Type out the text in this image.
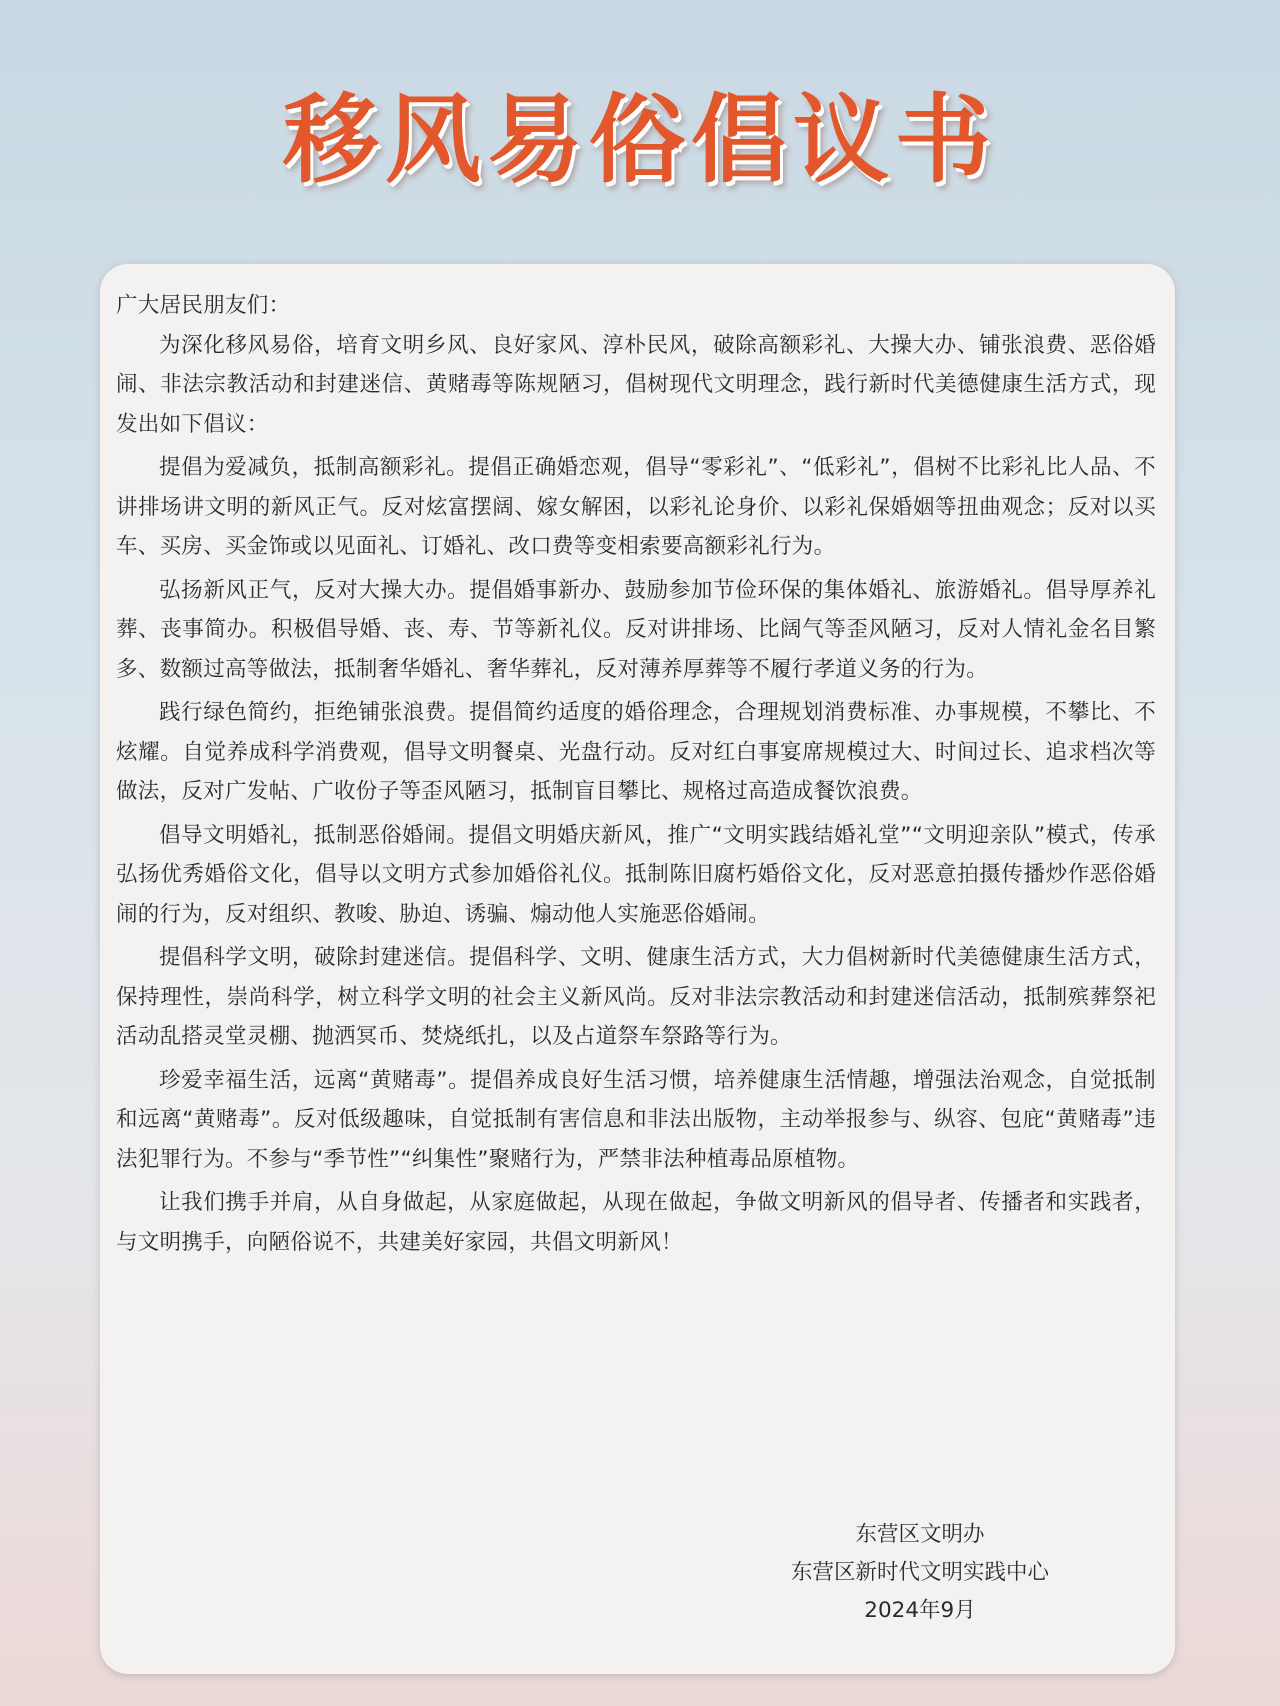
移风易俗倡议书

广大居民朋友们：

为深化移风易俗，培育文明乡风、良好家风、淳朴民风，破除高额彩礼、大操大办、铺张浪费、恶俗婚闹、非法宗教活动和封建迷信、黄赌毒等陈规陋习，倡树现代文明理念，践行新时代美德健康生活方式，现发出如下倡议：

提倡为爱减负，抵制高额彩礼。提倡正确婚恋观，倡导“零彩礼”、“低彩礼”，倡树不比彩礼比人品、不讲排场讲文明的新风正气。反对炫富摆阔、嫁女解困，以彩礼论身价、以彩礼保婚姻等扭曲观念；反对以买车、买房、买金饰或以见面礼、订婚礼、改口费等变相索要高额彩礼行为。

弘扬新风正气，反对大操大办。提倡婚事新办、鼓励参加节俭环保的集体婚礼、旅游婚礼。倡导厚养礼葬、丧事简办。积极倡导婚、丧、寿、节等新礼仪。反对讲排场、比阔气等歪风陋习，反对人情礼金名目繁多、数额过高等做法，抵制奢华婚礼、奢华葬礼，反对薄养厚葬等不履行孝道义务的行为。

践行绿色简约，拒绝铺张浪费。提倡简约适度的婚俗理念，合理规划消费标准、办事规模，不攀比、不炫耀。自觉养成科学消费观，倡导文明餐桌、光盘行动。反对红白事宴席规模过大、时间过长、追求档次等做法，反对广发帖、广收份子等歪风陋习，抵制盲目攀比、规格过高造成餐饮浪费。

倡导文明婚礼，抵制恶俗婚闹。提倡文明婚庆新风，推广“文明实践结婚礼堂”“文明迎亲队”模式，传承弘扬优秀婚俗文化，倡导以文明方式参加婚俗礼仪。抵制陈旧腐朽婚俗文化，反对恶意拍摄传播炒作恶俗婚闹的行为，反对组织、教唆、胁迫、诱骗、煽动他人实施恶俗婚闹。

提倡科学文明，破除封建迷信。提倡科学、文明、健康生活方式，大力倡树新时代美德健康生活方式，保持理性，崇尚科学，树立科学文明的社会主义新风尚。反对非法宗教活动和封建迷信活动，抵制殡葬祭祀活动乱搭灵堂灵棚、抛洒冥币、焚烧纸扎，以及占道祭车祭路等行为。

珍爱幸福生活，远离“黄赌毒”。提倡养成良好生活习惯，培养健康生活情趣，增强法治观念，自觉抵制和远离“黄赌毒”。反对低级趣味，自觉抵制有害信息和非法出版物，主动举报参与、纵容、包庇“黄赌毒”违法犯罪行为。不参与“季节性”“纠集性”聚赌行为，严禁非法种植毒品原植物。

让我们携手并肩，从自身做起，从家庭做起，从现在做起，争做文明新风的倡导者、传播者和实践者，与文明携手，向陋俗说不，共建美好家园，共倡文明新风！

东营区文明办
东营区新时代文明实践中心
2024年9月
